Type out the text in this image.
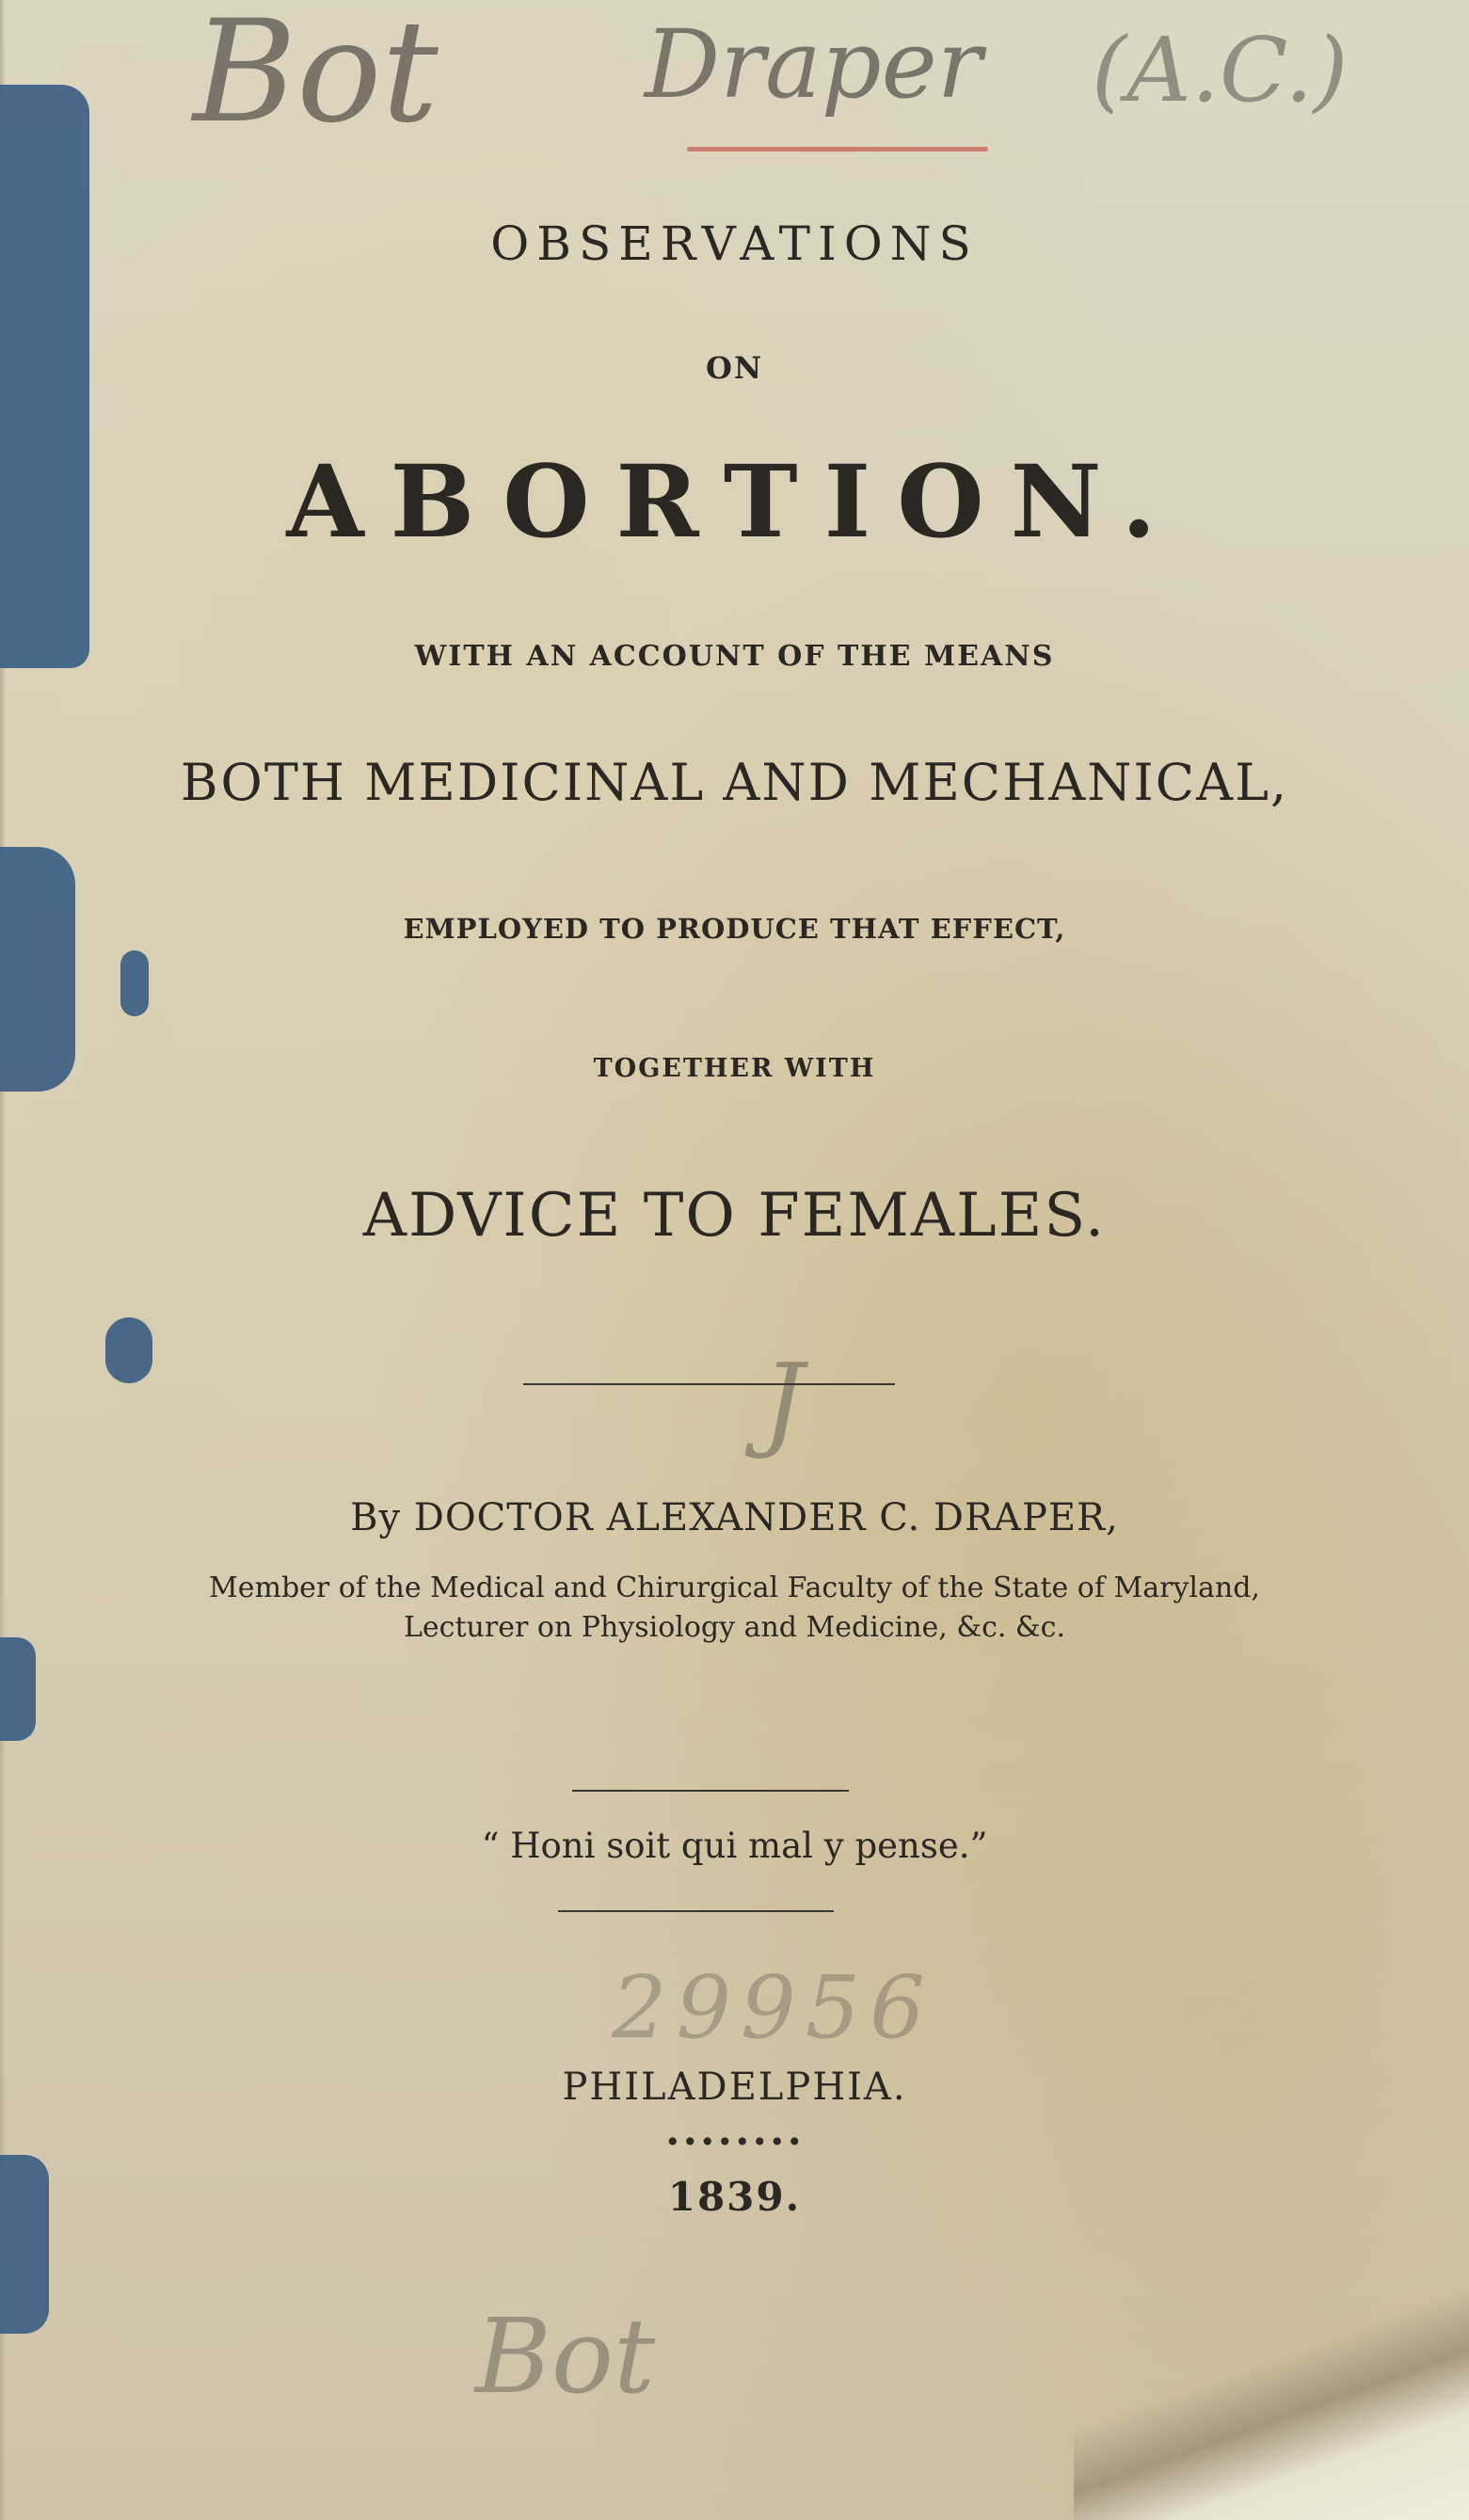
Bot Draper (A.C.)
J
29956
Bot
OBSERVATIONS
ON
ABORTION.
WITH AN ACCOUNT OF THE MEANS
BOTH MEDICINAL AND MECHANICAL,
EMPLOYED TO PRODUCE THAT EFFECT,
TOGETHER WITH
ADVICE TO FEMALES.
By DOCTOR ALEXANDER C. DRAPER,
Member of the Medical and Chirurgical Faculty of the State of Maryland,
Lecturer on Physiology and Medicine, &c. &c.
“ Honi soit qui mal y pense.”
PHILADELPHIA.
••••••••
1839.
